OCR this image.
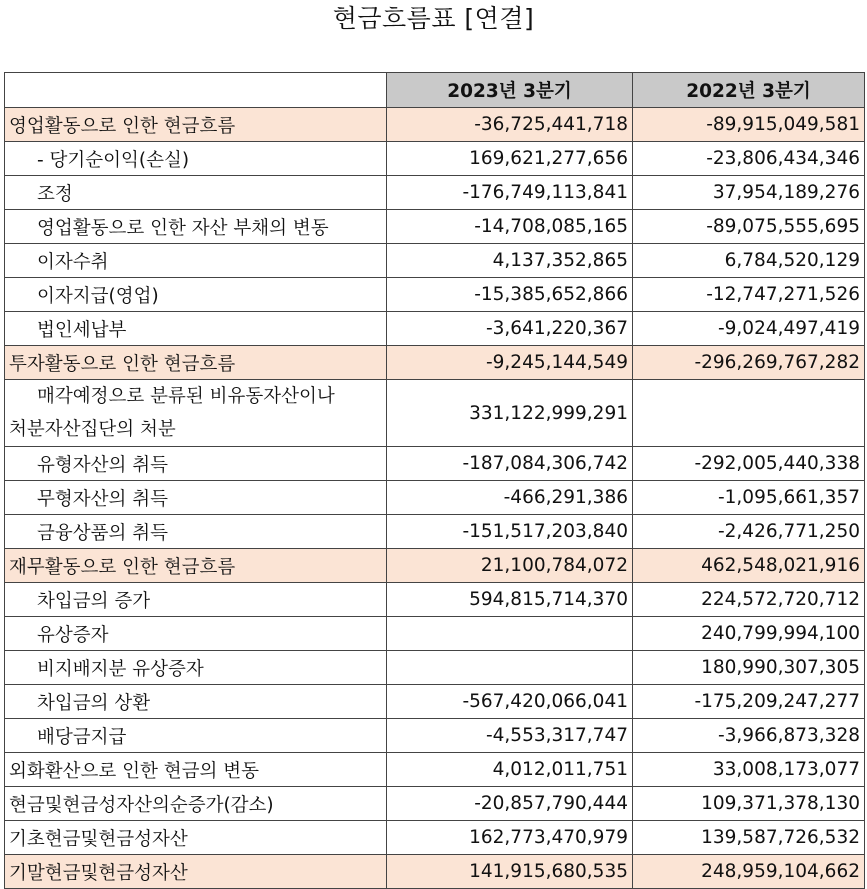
현금흐름표 [연결]
	2023년 3분기	2022년 3분기
영업활동으로 인한 현금흐름	-36,725,441,718	-89,915,049,581
- 당기순이익(손실)	169,621,277,656	-23,806,434,346
조정	-176,749,113,841	37,954,189,276
영업활동으로 인한 자산 부채의 변동	-14,708,085,165	-89,075,555,695
이자수취	4,137,352,865	6,784,520,129
이자지급(영업)	-15,385,652,866	-12,747,271,526
법인세납부	-3,641,220,367	-9,024,497,419
투자활동으로 인한 현금흐름	-9,245,144,549	-296,269,767,282

매각예정으로 분류된 비유동자산이나
처분자산집단의 처분	331,122,999,291	
유형자산의 취득	-187,084,306,742	-292,005,440,338
무형자산의 취득	-466,291,386	-1,095,661,357
금융상품의 취득	-151,517,203,840	-2,426,771,250
재무활동으로 인한 현금흐름	21,100,784,072	462,548,021,916
차입금의 증가	594,815,714,370	224,572,720,712
유상증자		240,799,994,100
비지배지분 유상증자		180,990,307,305
차입금의 상환	-567,420,066,041	-175,209,247,277
배당금지급	-4,553,317,747	-3,966,873,328
외화환산으로 인한 현금의 변동	4,012,011,751	33,008,173,077
현금및현금성자산의순증가(감소)	-20,857,790,444	109,371,378,130
기초현금및현금성자산	162,773,470,979	139,587,726,532
기말현금및현금성자산	141,915,680,535	248,959,104,662
